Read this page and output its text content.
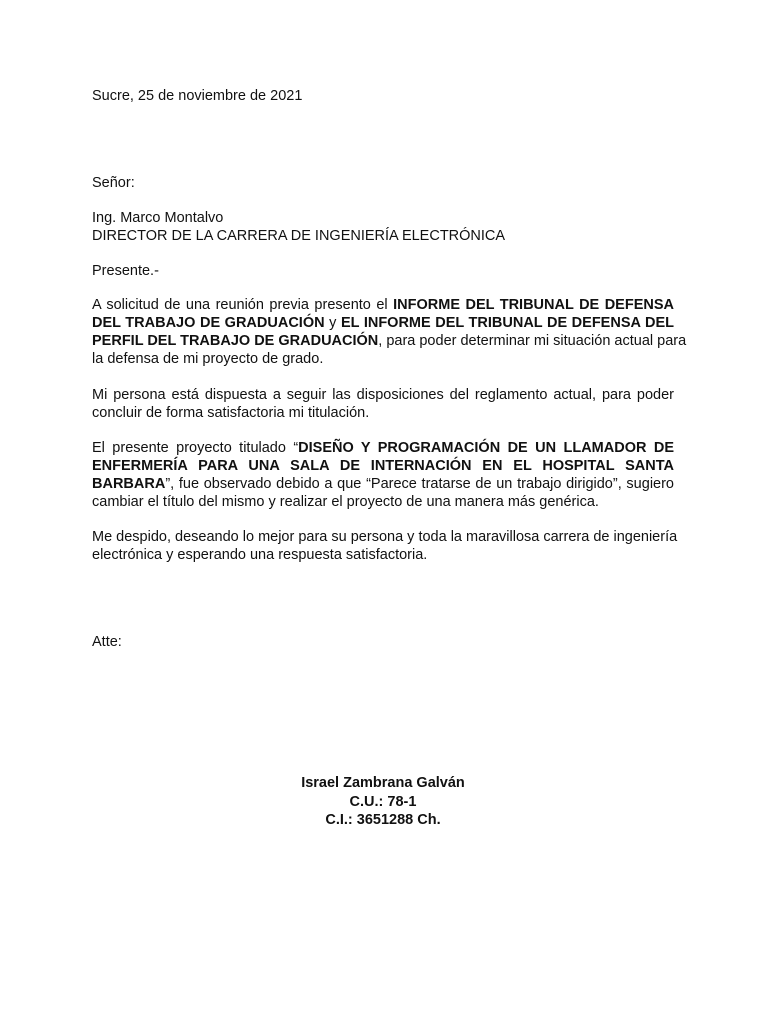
Sucre, 25 de noviembre de 2021
Señor:
Ing. Marco Montalvo
DIRECTOR DE LA CARRERA DE INGENIERÍA ELECTRÓNICA
Presente.-
A solicitud de una reunión previa presento el INFORME DEL TRIBUNAL DE DEFENSA
DEL TRABAJO DE GRADUACIÓN y EL INFORME DEL TRIBUNAL DE DEFENSA DEL
PERFIL DEL TRABAJO DE GRADUACIÓN, para poder determinar mi situación actual para
la defensa de mi proyecto de grado.
Mi persona está dispuesta a seguir las disposiciones del reglamento actual, para poder
concluir de forma satisfactoria mi titulación.
El presente proyecto titulado “DISEÑO Y PROGRAMACIÓN DE UN LLAMADOR DE
ENFERMERÍA PARA UNA SALA DE INTERNACIÓN EN EL HOSPITAL SANTA
BARBARA”, fue observado debido a que “Parece tratarse de un trabajo dirigido”, sugiero
cambiar el título del mismo y realizar el proyecto de una manera más genérica.
Me despido, deseando lo mejor para su persona y toda la maravillosa carrera de ingeniería
electrónica y esperando una respuesta satisfactoria.
Atte:
Israel Zambrana Galván
C.U.: 78-1
C.I.: 3651288 Ch.
